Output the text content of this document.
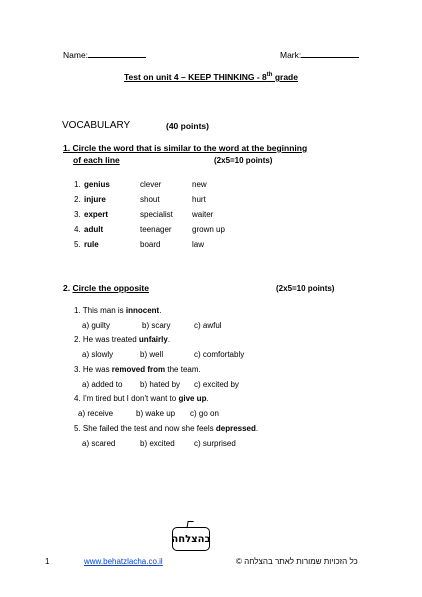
Name:	Mark:
Test on unit 4 – KEEP THINKING - 8th grade
VOCABULARY	(40 points)
1. Circle the word that is similar to the word at the beginning
of each line	(2x5=10 points)
1. genius	clever	new
2. injure	shout	hurt
3. expert	specialist waiter
4. adult	teenager	grown up
5. rule	board	law
2. Circle the opposite	(2x5=10 points)
1. This man is innocent.
a) guilty	b) scary	c) awful
2. He was treated unfairly.
a) slowly	b) well	c) comfortably
3. He was removed from the team.
a) added to b) hated by c) excited by
4. I'm tired but I don't want to give up.
a) receive	b) wake up c) go on
5. She failed the test and now she feels depressed.
a) scared	b) excited c) surprised
בהצלחה
1	www.behatzlacha.co.il	כל הזכויות שמורות לאתר בהצלחה ©
